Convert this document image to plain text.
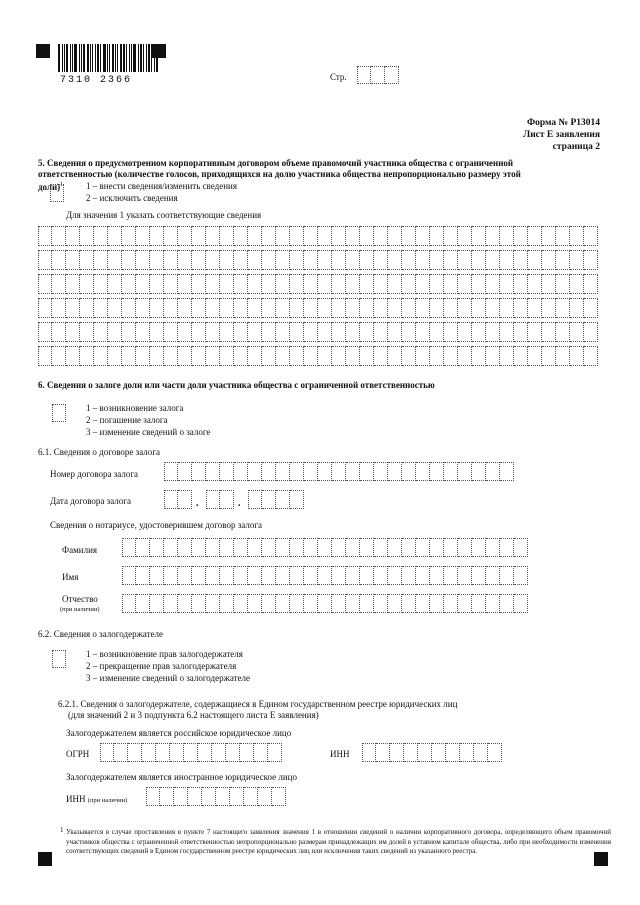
7310 2366	Стр.
Форма № Р13014
Лист Е заявления
страница 2
5. Сведения о предусмотренном корпоративным договором объеме правомочий участника общества с ограниченной
ответственностью (количестве голосов, приходящихся на долю участника общества непропорционально размеру этой
доли)$^1$	1 – внести сведения/изменить сведения
2 – исключить сведения
Для значения 1 указать соответствующие сведения
6. Сведения о залоге доли или части доли участника общества с ограниченной ответственностью
1 – возникновение залога
2 – погашение залога
3 – изменение сведений о залоге
6.1. Сведения о договоре залога
Номер договора залога
Дата договора залога	.	.
Сведения о нотариусе, удостоверившем договор залога
Фамилия
Имя
Отчество
(при наличии)
6.2. Сведения о залогодержателе
1 – возникновение прав залогодержателя
2 – прекращение прав залогодержателя
3 – изменение сведений о залогодержателе
6.2.1. Сведения о залогодержателе, содержащиеся в Едином государственном реестре юридических лиц
(для значений 2 и 3 подпункта 6.2 настоящего листа Е заявления)
Залогодержателем является российское юридическое лицо
ОГРН	ИНН
Залогодержателем является иностранное юридическое лицо
ИНН (при наличии)
1 Указывается в случае проставления в пункте 7 настоящего заявления значения 1 в отношении сведений о наличии корпоративного договора, определяющего объем правомочий участников общества с ограниченной ответственностью непропорционально размерам принадлежащих им долей в уставном капитале общества, либо при необходимости изменения соответствующих сведений в Едином государственном реестре юридических лиц или исключения таких сведений из указанного реестра.
